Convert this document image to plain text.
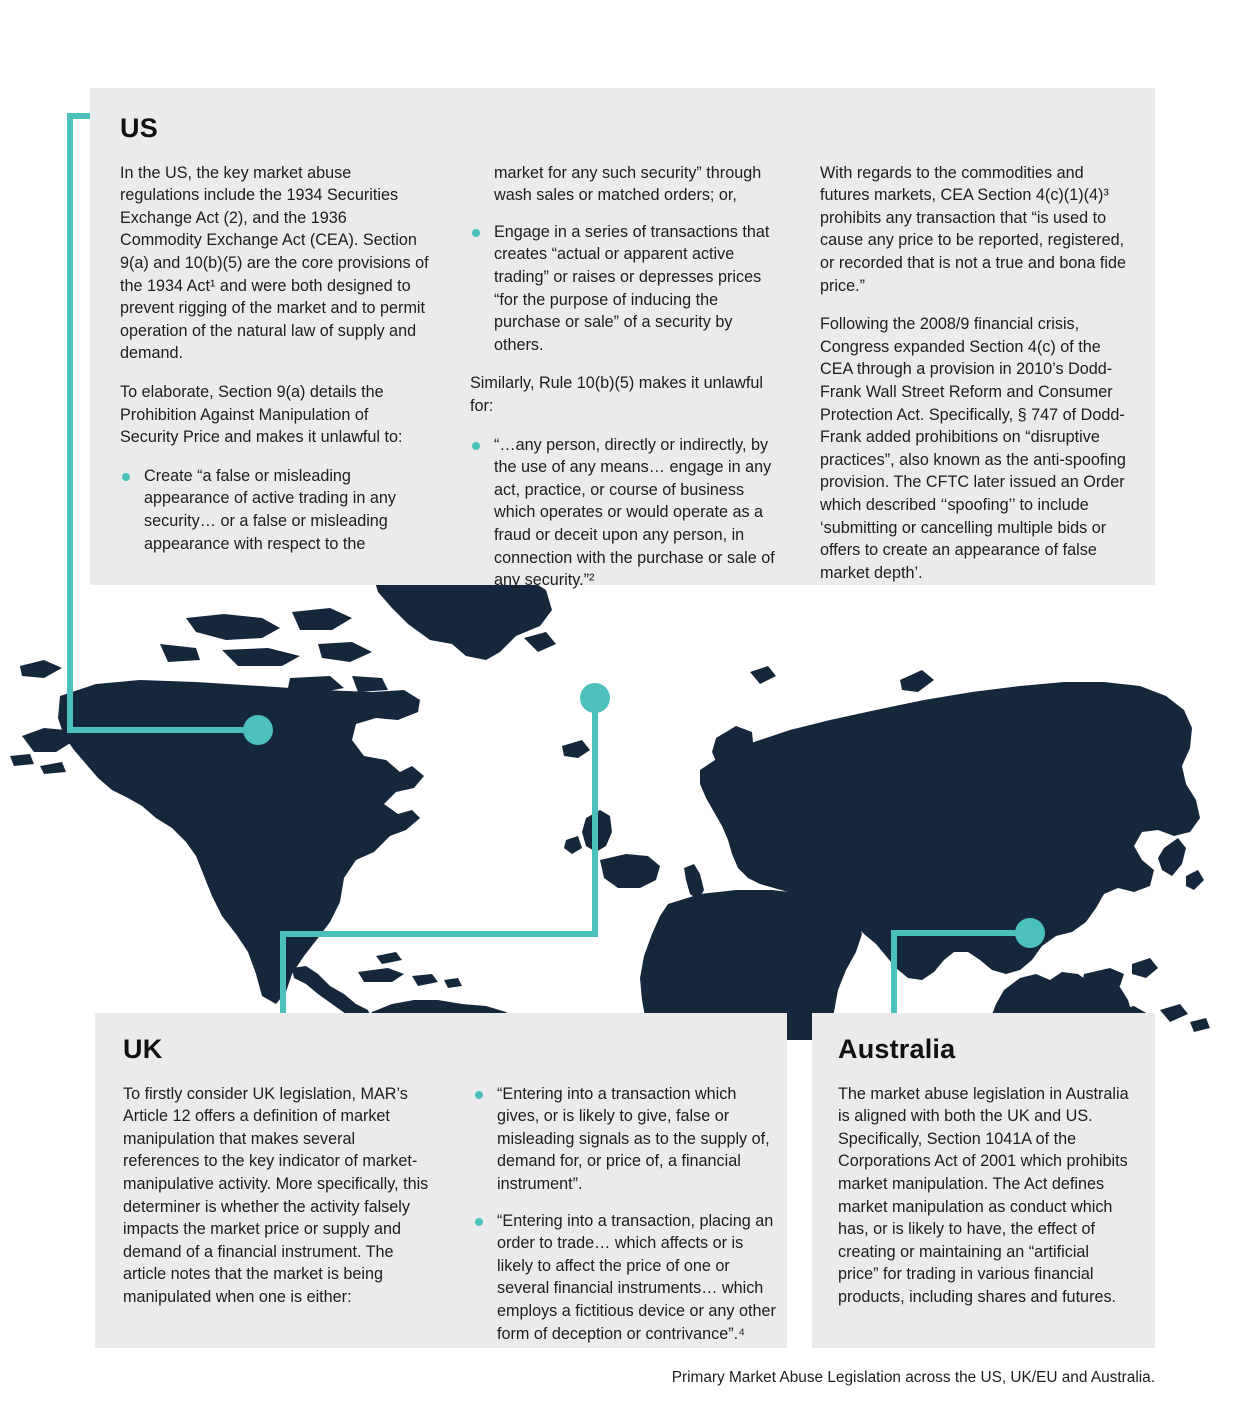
US

In the US, the key market abuse regulations include the 1934 Securities Exchange Act (2), and the 1936 Commodity Exchange Act (CEA). Section 9(a) and 10(b)(5) are the core provisions of the 1934 Act¹ and were both designed to prevent rigging of the market and to permit operation of the natural law of supply and demand.

To elaborate, Section 9(a) details the Prohibition Against Manipulation of Security Price and makes it unlawful to:

Create “a false or misleading appearance of active trading in any security… or a false or misleading appearance with respect to the

market for any such security” through wash sales or matched orders; or,

Engage in a series of transactions that creates “actual or apparent active trading” or raises or depresses prices “for the purpose of inducing the purchase or sale” of a security by others.

Similarly, Rule 10(b)(5) makes it unlawful for:

“…any person, directly or indirectly, by the use of any means… engage in any act, practice, or course of business which operates or would operate as a fraud or deceit upon any person, in connection with the purchase or sale of any security.”²

With regards to the commodities and futures markets, CEA Section 4(c)(1)(4)³ prohibits any transaction that “is used to cause any price to be reported, registered, or recorded that is not a true and bona fide price.”

Following the 2008/9 financial crisis, Congress expanded Section 4(c) of the CEA through a provision in 2010’s Dodd-Frank Wall Street Reform and Consumer Protection Act. Specifically, § 747 of Dodd-Frank added prohibitions on “disruptive practices”, also known as the anti-spoofing provision. The CFTC later issued an Order which described ‘‘spoofing’’ to include ‘submitting or cancelling multiple bids or offers to create an appearance of false market depth’.

UK

To firstly consider UK legislation, MAR’s Article 12 offers a definition of market manipulation that makes several references to the key indicator of market-manipulative activity. More specifically, this determiner is whether the activity falsely impacts the market price or supply and demand of a financial instrument. The article notes that the market is being manipulated when one is either:

“Entering into a transaction which gives, or is likely to give, false or misleading signals as to the supply of, demand for, or price of, a financial instrument”.
“Entering into a transaction, placing an order to trade… which affects or is likely to affect the price of one or several financial instruments… which employs a fictitious device or any other form of deception or contrivance”.⁴
Australia

The market abuse legislation in Australia is aligned with both the UK and US. Specifically, Section 1041A of the Corporations Act of 2001 which prohibits market manipulation. The Act defines market manipulation as conduct which has, or is likely to have, the effect of creating or maintaining an “artificial price” for trading in various financial products, including shares and futures.

Primary Market Abuse Legislation across the US, UK/EU and Australia.
